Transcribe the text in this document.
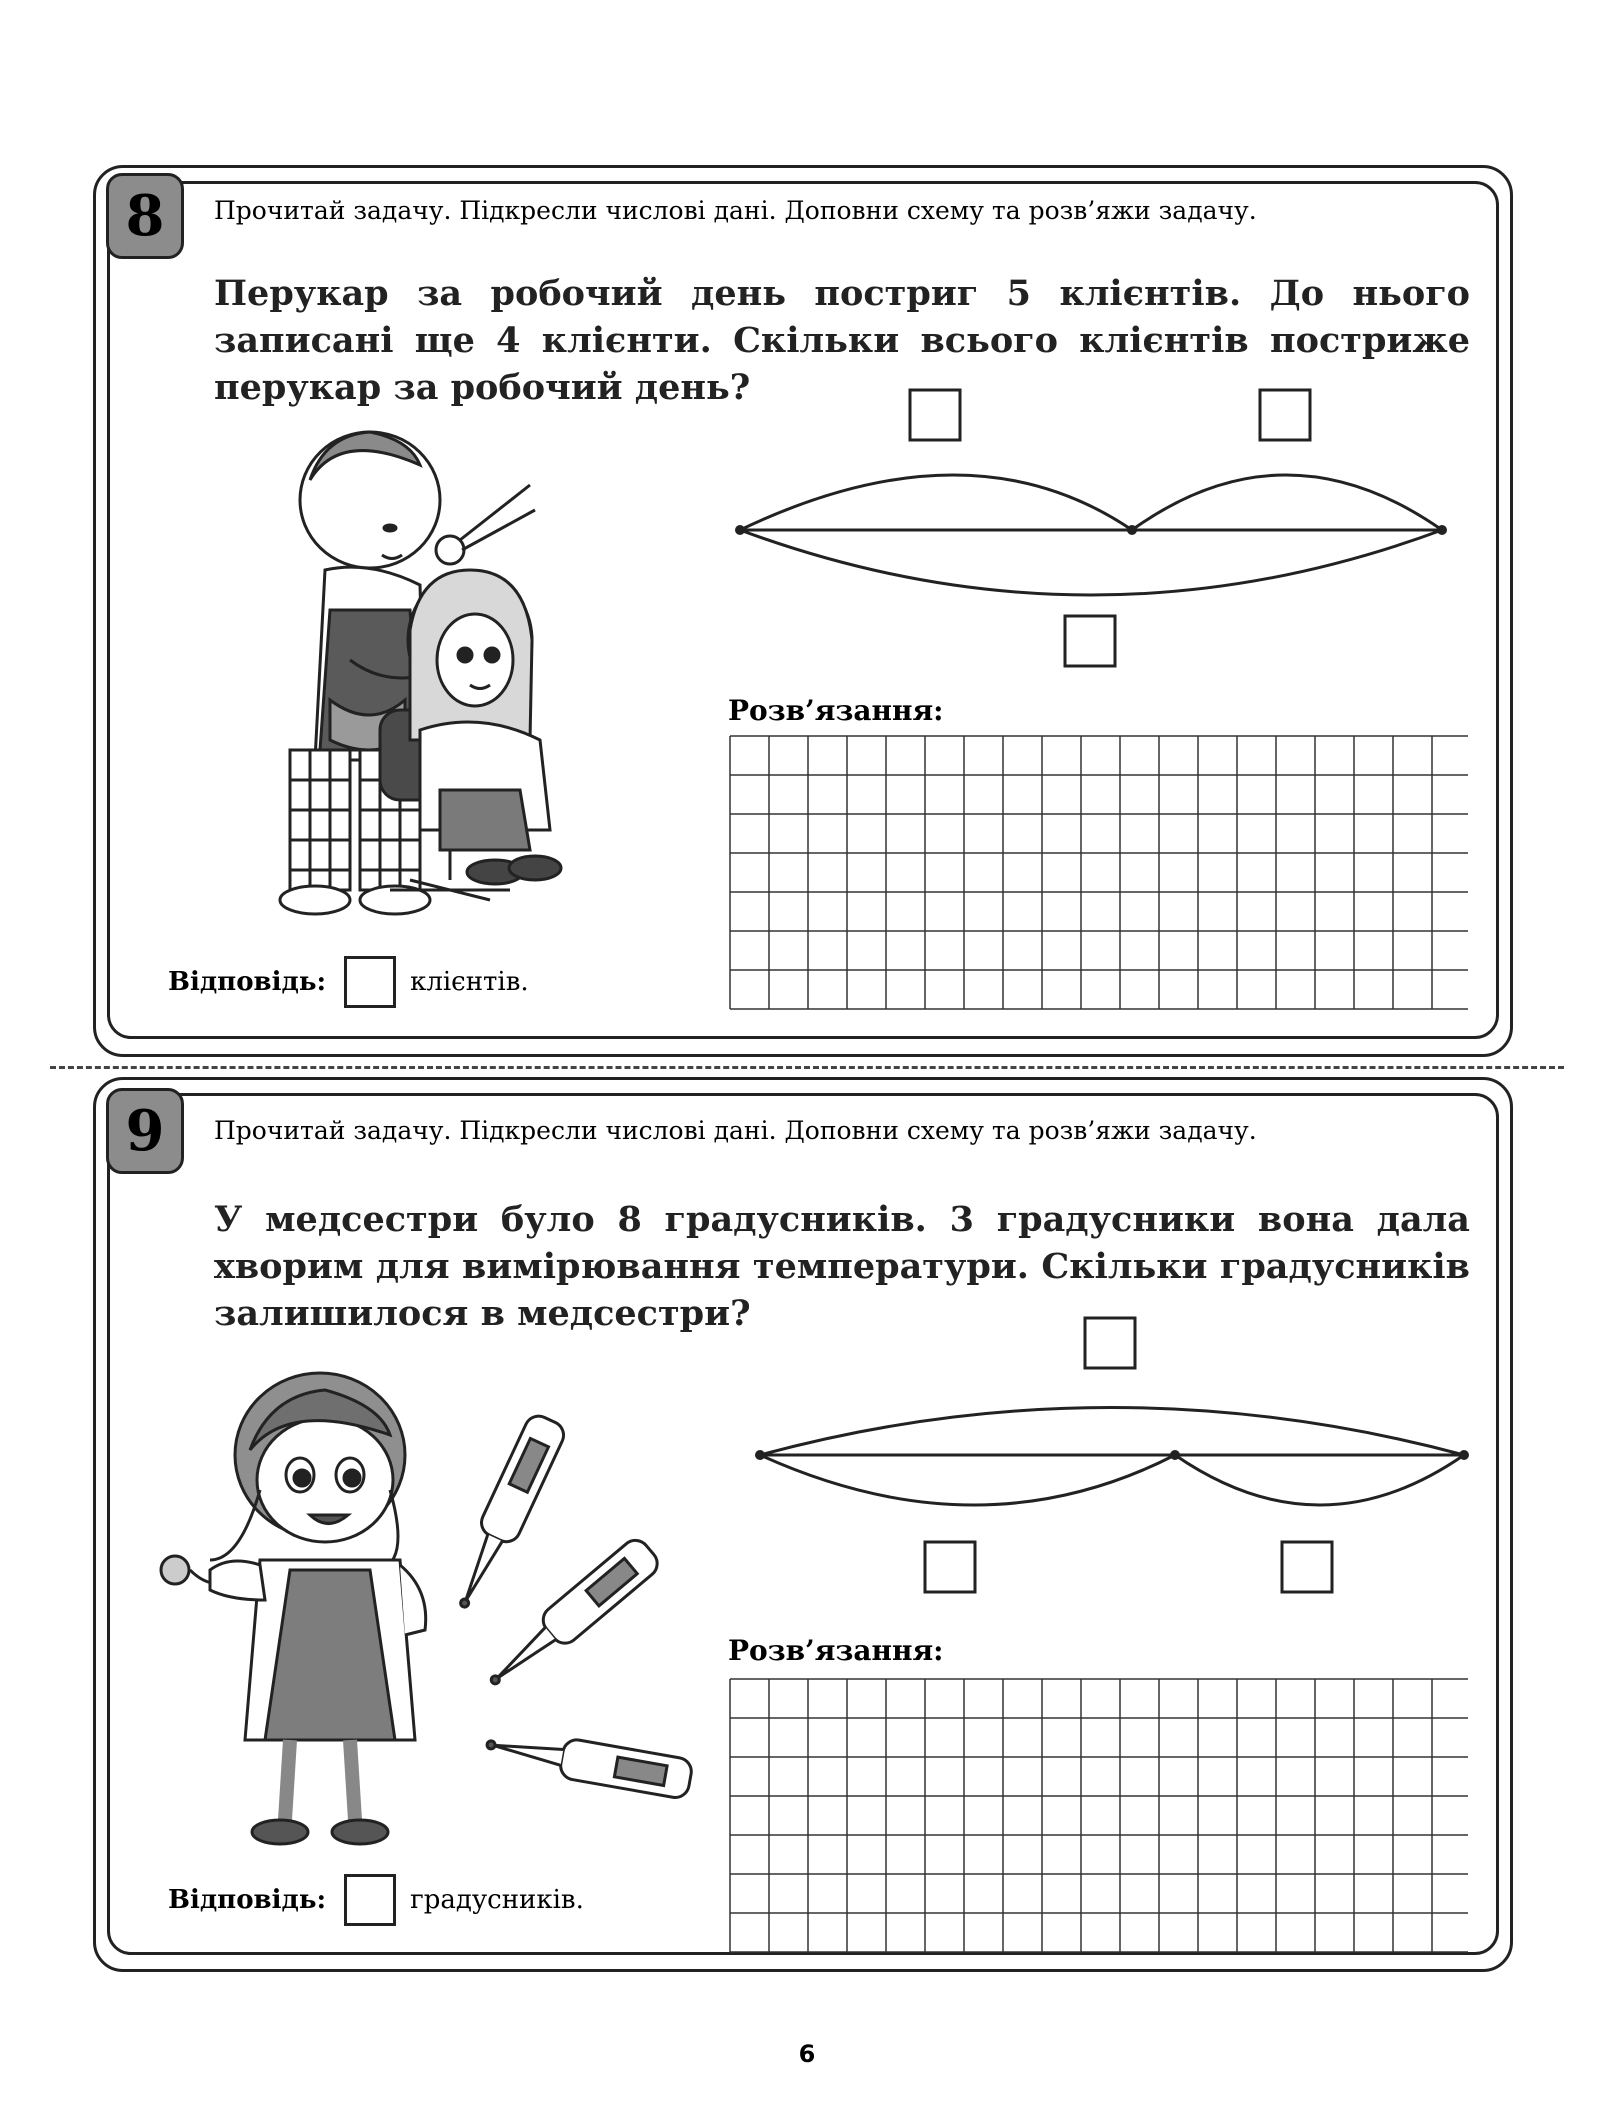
8	Прочитай задачу. Підкресли числові дані. Доповни схему та розв’яжи задачу.
Перукар за робочий день постриг 5 клієнтів. До нього записані ще 4 клієнти. Скільки всього клієнтів постриже перукар за робочий день?
Розв’язання:
Відповідь:	клієнтів.
9	Прочитай задачу. Підкресли числові дані. Доповни схему та розв’яжи задачу.
У медсестри було 8 градусників. 3 градусники вона дала хворим для вимірювання температури. Скільки градусників залишилося в медсестри?
Розв’язання:
Відповідь:	градусників.
6
